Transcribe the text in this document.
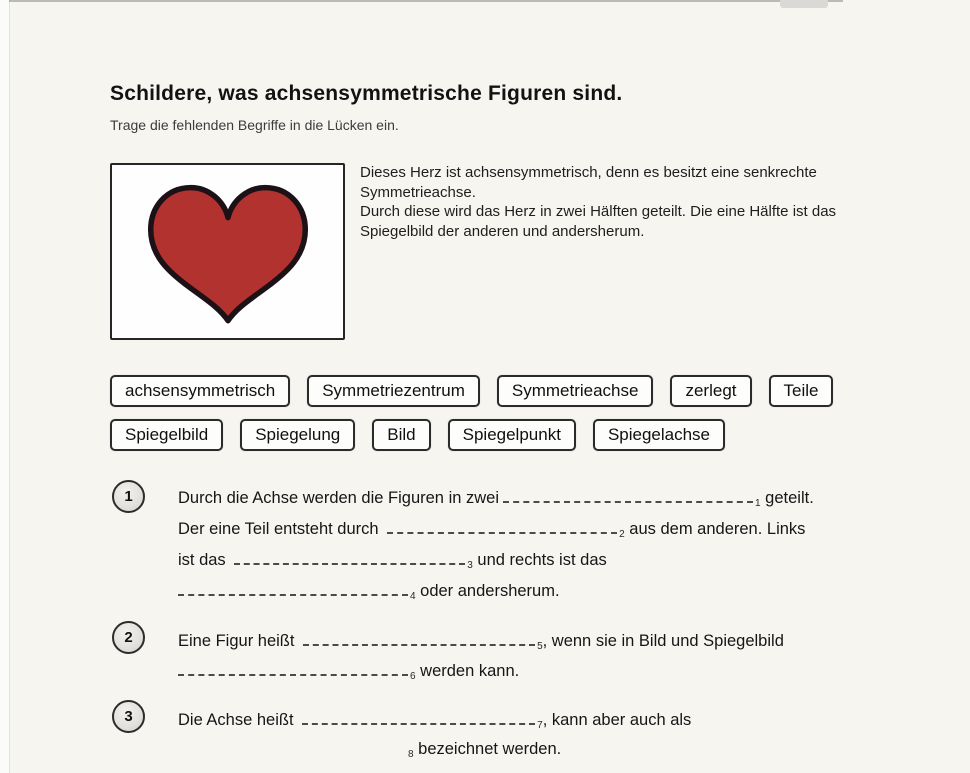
Schildere, was achsensymmetrische Figuren sind.
Trage die fehlenden Begriffe in die Lücken ein.
Dieses Herz ist achsensymmetrisch, denn es besitzt eine senkrechte
Symmetrieachse.
Durch diese wird das Herz in zwei Hälften geteilt. Die eine Hälfte ist das
Spiegelbild der anderen und andersherum.
achsensymmetrisch	Symmetriezentrum	Symmetrieachse	zerlegt	Teile
Spiegelbild	Spiegelung	Bild	Spiegelpunkt	Spiegelachse
1	Durch die Achse werden die Figuren in zwei	1 geteilt.
Der eine Teil entsteht durch	2 aus dem anderen. Links
ist das	3 und rechts ist das
4 oder andersherum.
2	Eine Figur heißt	5, wenn sie in Bild und Spiegelbild
6 werden kann.
3	Die Achse heißt	7, kann aber auch als
8 bezeichnet werden.
